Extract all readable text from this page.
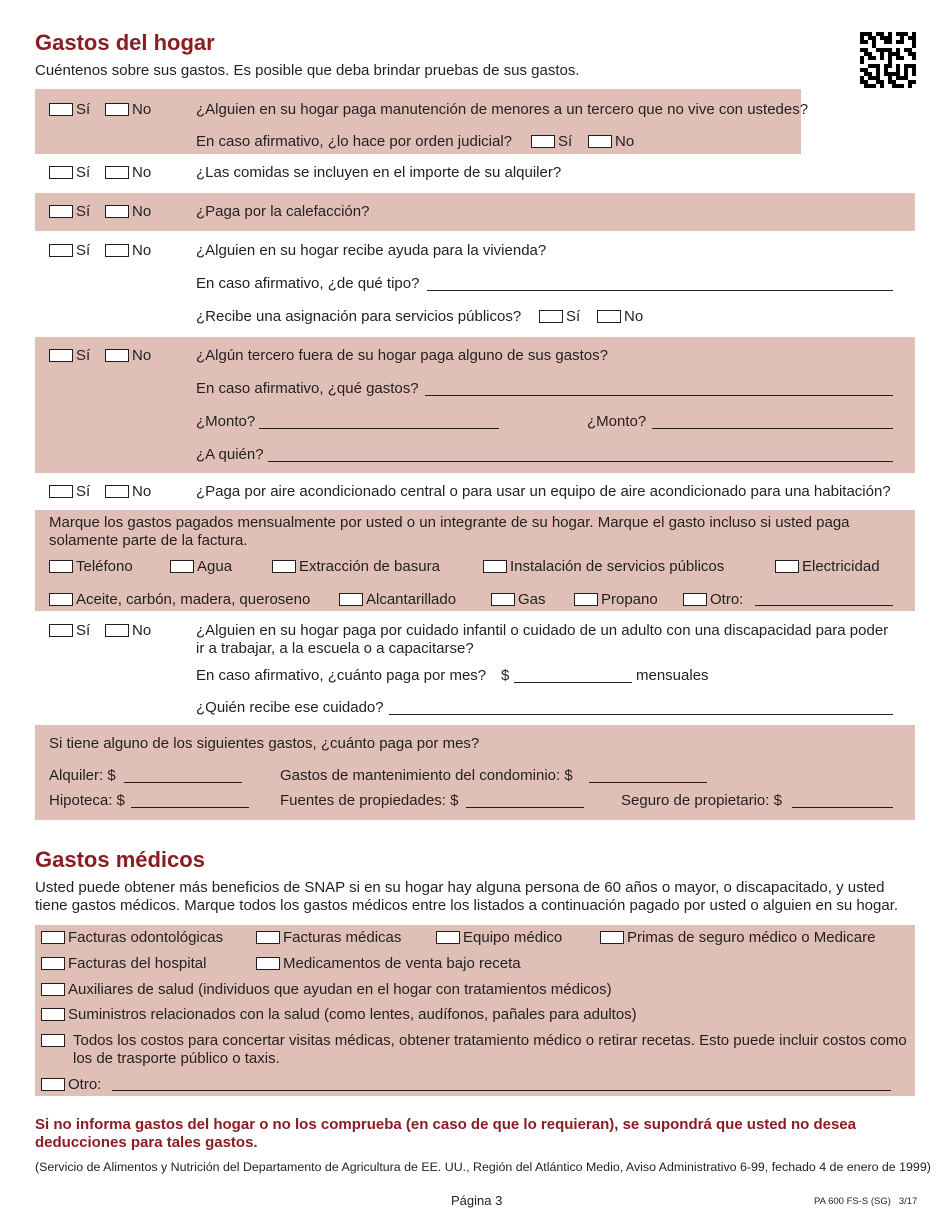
Gastos del hogar
Cuéntenos sobre sus gastos. Es posible que deba brindar pruebas de sus gastos.
Sí	No	¿Alguien en su hogar paga manutención de menores a un tercero que no vive con ustedes?
En caso afirmativo, ¿lo hace por orden judicial?	Sí	No
Sí	No	¿Las comidas se incluyen en el importe de su alquiler?
Sí	No	¿Paga por la calefacción?
Sí	No	¿Alguien en su hogar recibe ayuda para la vivienda?
En caso afirmativo, ¿de qué tipo?
¿Recibe una asignación para servicios públicos?	Sí	No
Sí	No	¿Algún tercero fuera de su hogar paga alguno de sus gastos?
En caso afirmativo, ¿qué gastos?
¿Monto?	¿Monto?
¿A quién?
Sí	No	¿Paga por aire acondicionado central o para usar un equipo de aire acondicionado para una habitación?
Marque los gastos pagados mensualmente por usted o un integrante de su hogar. Marque el gasto incluso si usted paga solamente parte de la factura.
Teléfono	Agua	Extracción de basura	Instalación de servicios públicos	Electricidad
Aceite, carbón, madera, queroseno	Alcantarillado	Gas	Propano	Otro:
Sí	No	¿Alguien en su hogar paga por cuidado infantil o cuidado de un adulto con una discapacidad para poder ir a trabajar, a la escuela o a capacitarse?
En caso afirmativo, ¿cuánto paga por mes? $	mensuales
¿Quién recibe ese cuidado?
Si tiene alguno de los siguientes gastos, ¿cuánto paga por mes?
Alquiler: $	Gastos de mantenimiento del condominio: $
Hipoteca: $	Fuentes de propiedades: $	Seguro de propietario: $
Gastos médicos
Usted puede obtener más beneficios de SNAP si en su hogar hay alguna persona de 60 años o mayor, o discapacitado, y usted tiene gastos médicos. Marque todos los gastos médicos entre los listados a continuación pagado por usted o alguien en su hogar.
Facturas odontológicas	Facturas médicas	Equipo médico	Primas de seguro médico o Medicare
Facturas del hospital	Medicamentos de venta bajo receta
Auxiliares de salud (individuos que ayudan en el hogar con tratamientos médicos)
Suministros relacionados con la salud (como lentes, audífonos, pañales para adultos)
Todos los costos para concertar visitas médicas, obtener tratamiento médico o retirar recetas. Esto puede incluir costos como los de trasporte público o taxis.
Otro:
Si no informa gastos del hogar o no los comprueba (en caso de que lo requieran), se supondrá que usted no desea deducciones para tales gastos.
(Servicio de Alimentos y Nutrición del Departamento de Agricultura de EE. UU., Región del Atlántico Medio, Aviso Administrativo 6-99, fechado 4 de enero de 1999)
Página 3	PA 600 FS-S (SG)   3/17
